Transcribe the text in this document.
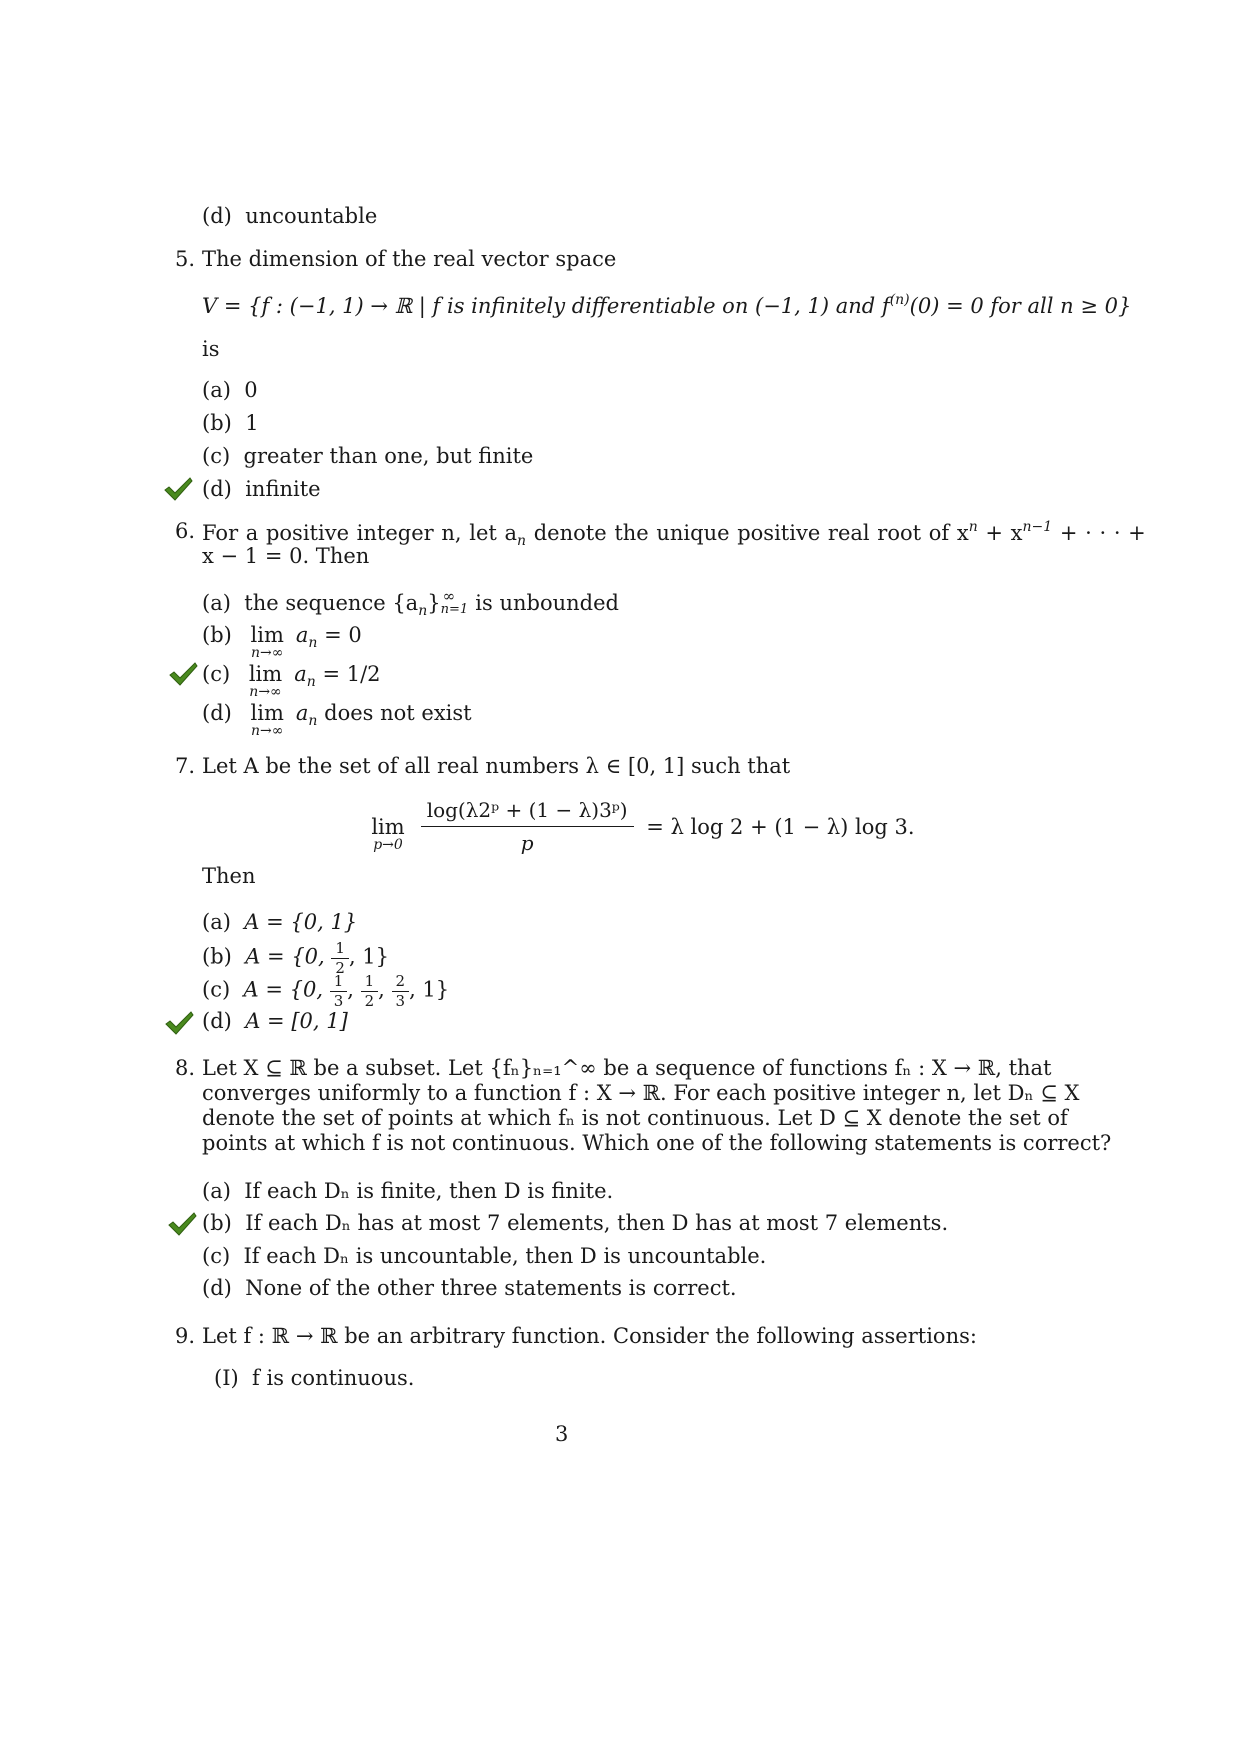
(d) uncountable
5. The dimension of the real vector space
V = {f : (−1, 1) → ℝ | f is infinitely differentiable on (−1, 1) and $f^{(n)}(0) = 0$ for all n ≥ 0}
is
(a) 0
(b) 1
(c) greater than one, but finite
(d) infinite
6. For a positive integer n, let $a_n$ denote the unique positive real root of $x^n + x^{n-1}$ + · · · +
x − 1 = 0. Then
(a) the sequence $\{a_n\}$ ∞
n=1 is unbounded
(b) lim
n→∞
$a_n = 0$
(c) lim
n→∞
$a_n = 1/2$
(d) lim
n→∞
$a_n$ does not exist
7. Let A be the set of all real numbers λ ∈ [0, 1] such that
lim
p→0
$\frac{\text{log(λ2ᵖ + (1 − λ)3ᵖ)}}{p} = \lambda$ log 2 + (1 − λ) log 3.
Then
(a) A = {0, 1}
(b) A = {0, $\frac{1}{2}$ , 1}
(c) A = {0, $\frac{1}{3}$ , $\frac{1}{2}$ , $\frac{2}{3}$ , 1}
(d) A = [0, 1]
8. Let X ⊆ ℝ be a subset. Let {fₙ}ₙ₌₁^∞ be a sequence of functions fₙ : X → ℝ, that
converges uniformly to a function f : X → ℝ. For each positive integer n, let Dₙ ⊆ X
denote the set of points at which fₙ is not continuous. Let D ⊆ X denote the set of
points at which f is not continuous. Which one of the following statements is correct?
(a) If each Dₙ is finite, then D is finite.
(b) If each Dₙ has at most 7 elements, then D has at most 7 elements.
(c) If each Dₙ is uncountable, then D is uncountable.
(d) None of the other three statements is correct.
9. Let f : ℝ → ℝ be an arbitrary function. Consider the following assertions:
(I) f is continuous.
3
